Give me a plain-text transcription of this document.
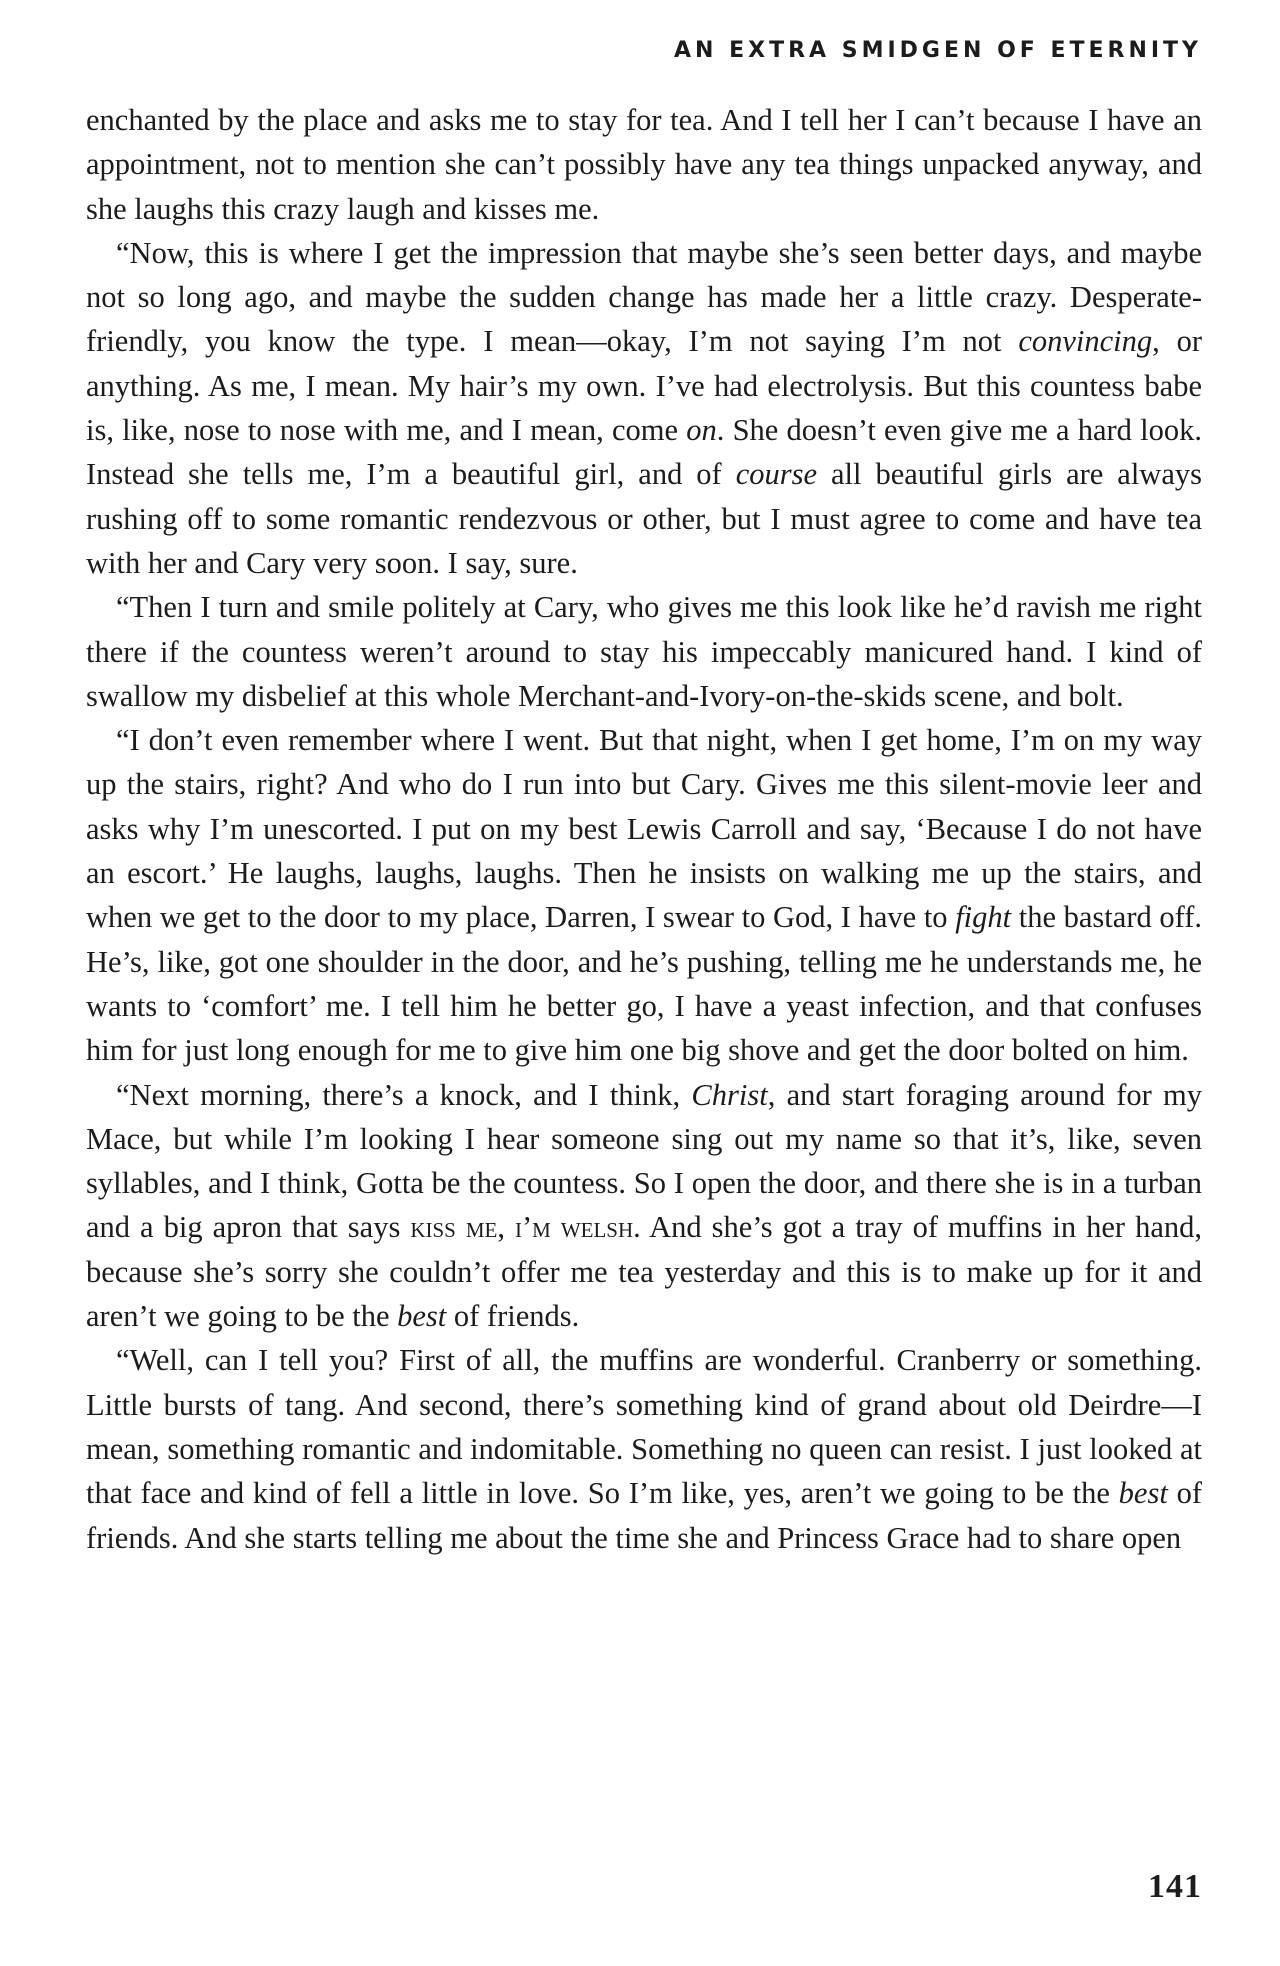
AN EXTRA SMIDGEN OF ETERNITY

enchanted by the place and asks me to stay for tea. And I tell her I can’t because I have an appointment, not to mention she can’t possibly have any tea things unpacked anyway, and she laughs this crazy laugh and kisses me.

“Now, this is where I get the impression that maybe she’s seen better days, and maybe not so long ago, and maybe the sudden change has made her a little crazy. Desperate-friendly, you know the type. I mean—okay, I’m not saying I’m not convincing, or anything. As me, I mean. My hair’s my own. I’ve had electrolysis. But this countess babe is, like, nose to nose with me, and I mean, come on. She doesn’t even give me a hard look. Instead she tells me, I’m a beautiful girl, and of course all beautiful girls are always rushing off to some romantic rendezvous or other, but I must agree to come and have tea with her and Cary very soon. I say, sure.

“Then I turn and smile politely at Cary, who gives me this look like he’d ravish me right there if the countess weren’t around to stay his impeccably manicured hand. I kind of swallow my disbelief at this whole Merchant-and-Ivory-on-the-skids scene, and bolt.

“I don’t even remember where I went. But that night, when I get home, I’m on my way up the stairs, right? And who do I run into but Cary. Gives me this silent-movie leer and asks why I’m unescorted. I put on my best Lewis Carroll and say, ‘Because I do not have an escort.’ He laughs, laughs, laughs. Then he insists on walking me up the stairs, and when we get to the door to my place, Darren, I swear to God, I have to fight the bastard off. He’s, like, got one shoulder in the door, and he’s pushing, telling me he understands me, he wants to ‘comfort’ me. I tell him he better go, I have a yeast infection, and that confuses him for just long enough for me to give him one big shove and get the door bolted on him.

“Next morning, there’s a knock, and I think, Christ, and start foraging around for my Mace, but while I’m looking I hear someone sing out my name so that it’s, like, seven syllables, and I think, Gotta be the countess. So I open the door, and there she is in a turban and a big apron that says kiss me, i’m welsh. And she’s got a tray of muffins in her hand, because she’s sorry she couldn’t offer me tea yesterday and this is to make up for it and aren’t we going to be the best of friends.

“Well, can I tell you? First of all, the muffins are wonderful. Cranberry or something. Little bursts of tang. And second, there’s something kind of grand about old Deirdre—I mean, something romantic and indomitable. Something no queen can resist. I just looked at that face and kind of fell a little in love. So I’m like, yes, aren’t we going to be the best of friends. And she starts telling me about the time she and Princess Grace had to share open

141
